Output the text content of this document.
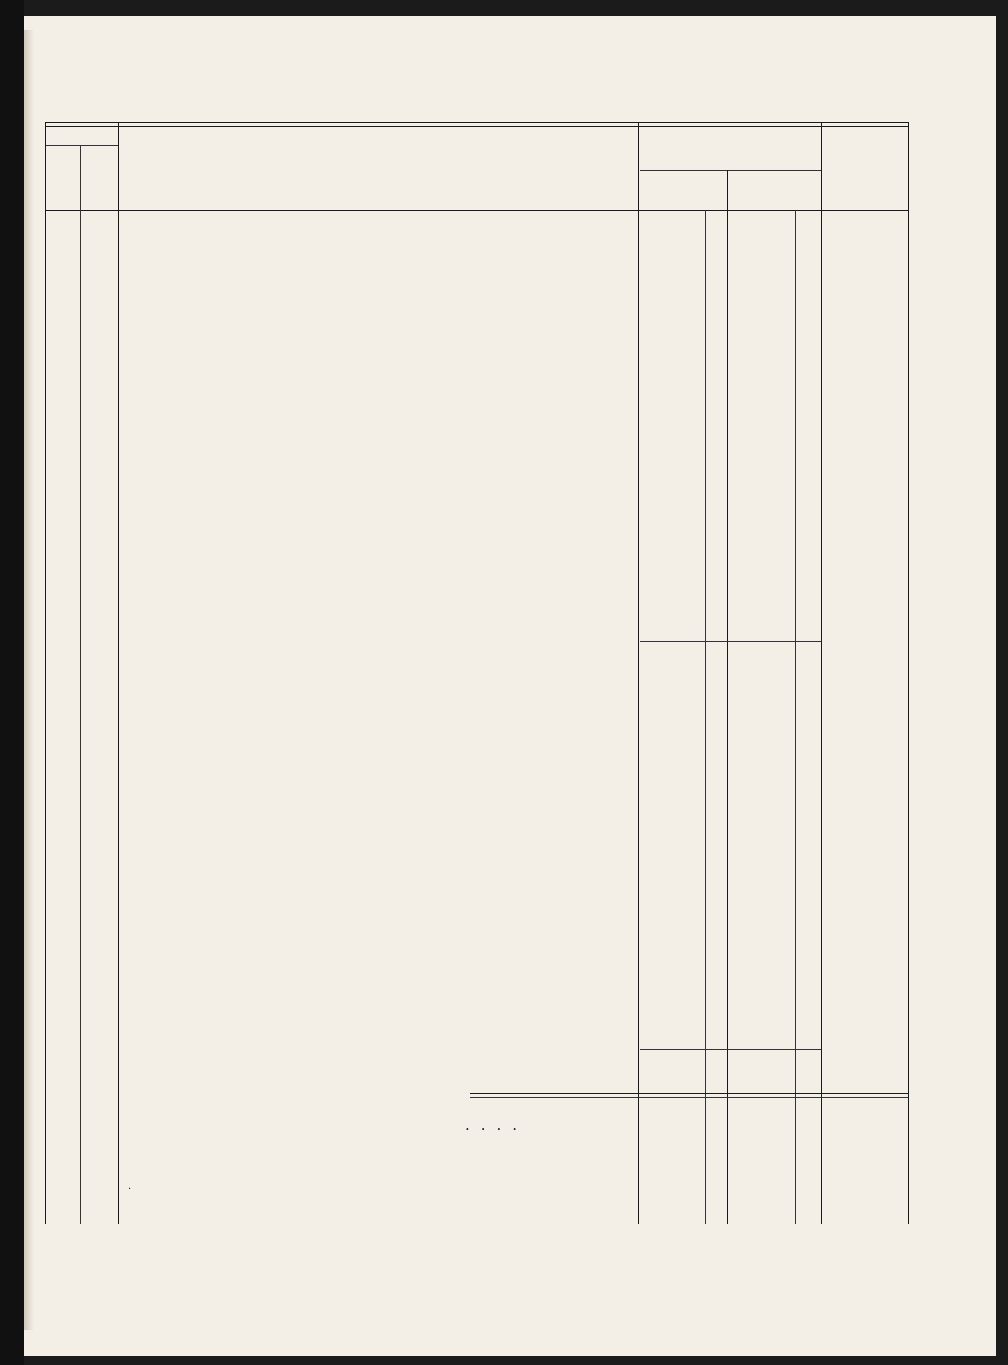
....
.
